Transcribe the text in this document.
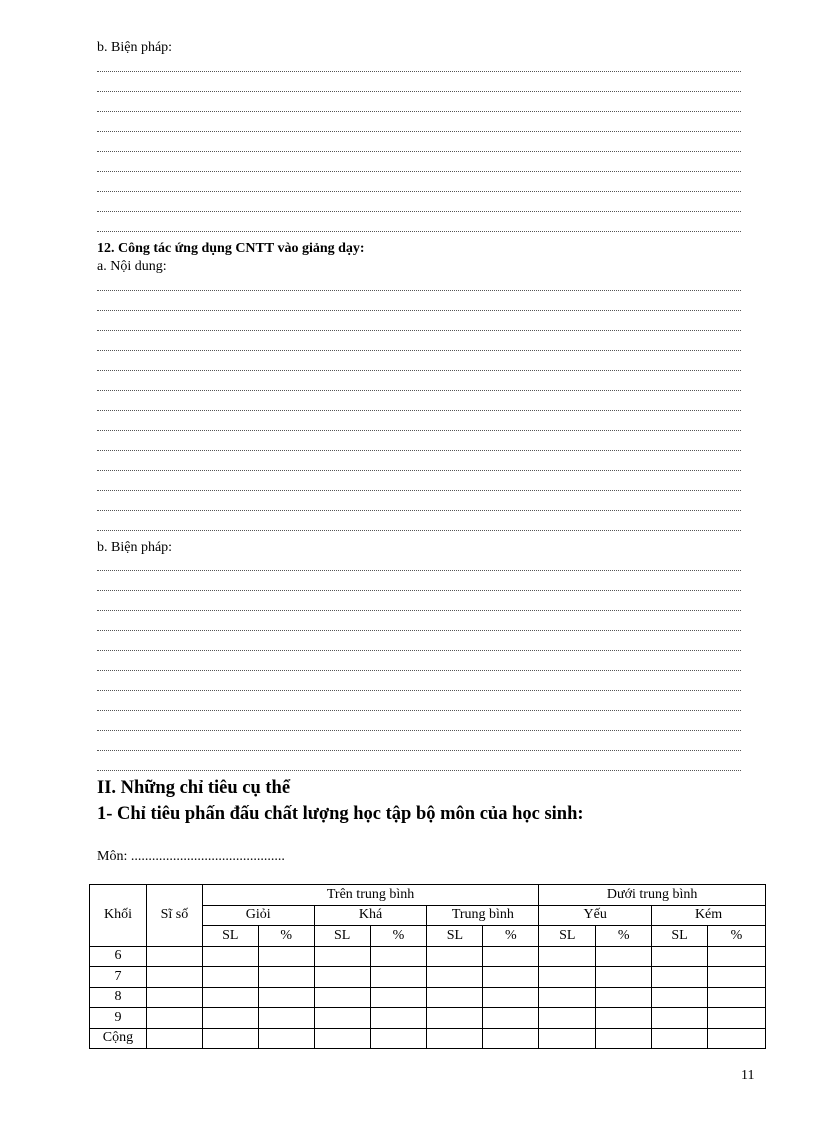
b. Biện pháp:
12. Công tác ứng dụng CNTT vào giảng dạy:
a. Nội dung:
b. Biện pháp:
II. Những chỉ tiêu cụ thể
1- Chỉ tiêu phấn đấu chất lượng học tập bộ môn của học sinh:
Môn: ............................................
Khối	Sĩ số	Trên trung bình						Dưới trung bình			
		Giỏi		Khá		Trung bình		Yếu		Kém	
		SL	%	SL	%	SL	%	SL	%	SL	%
6											
7											
8											
9											
Cộng											
11
